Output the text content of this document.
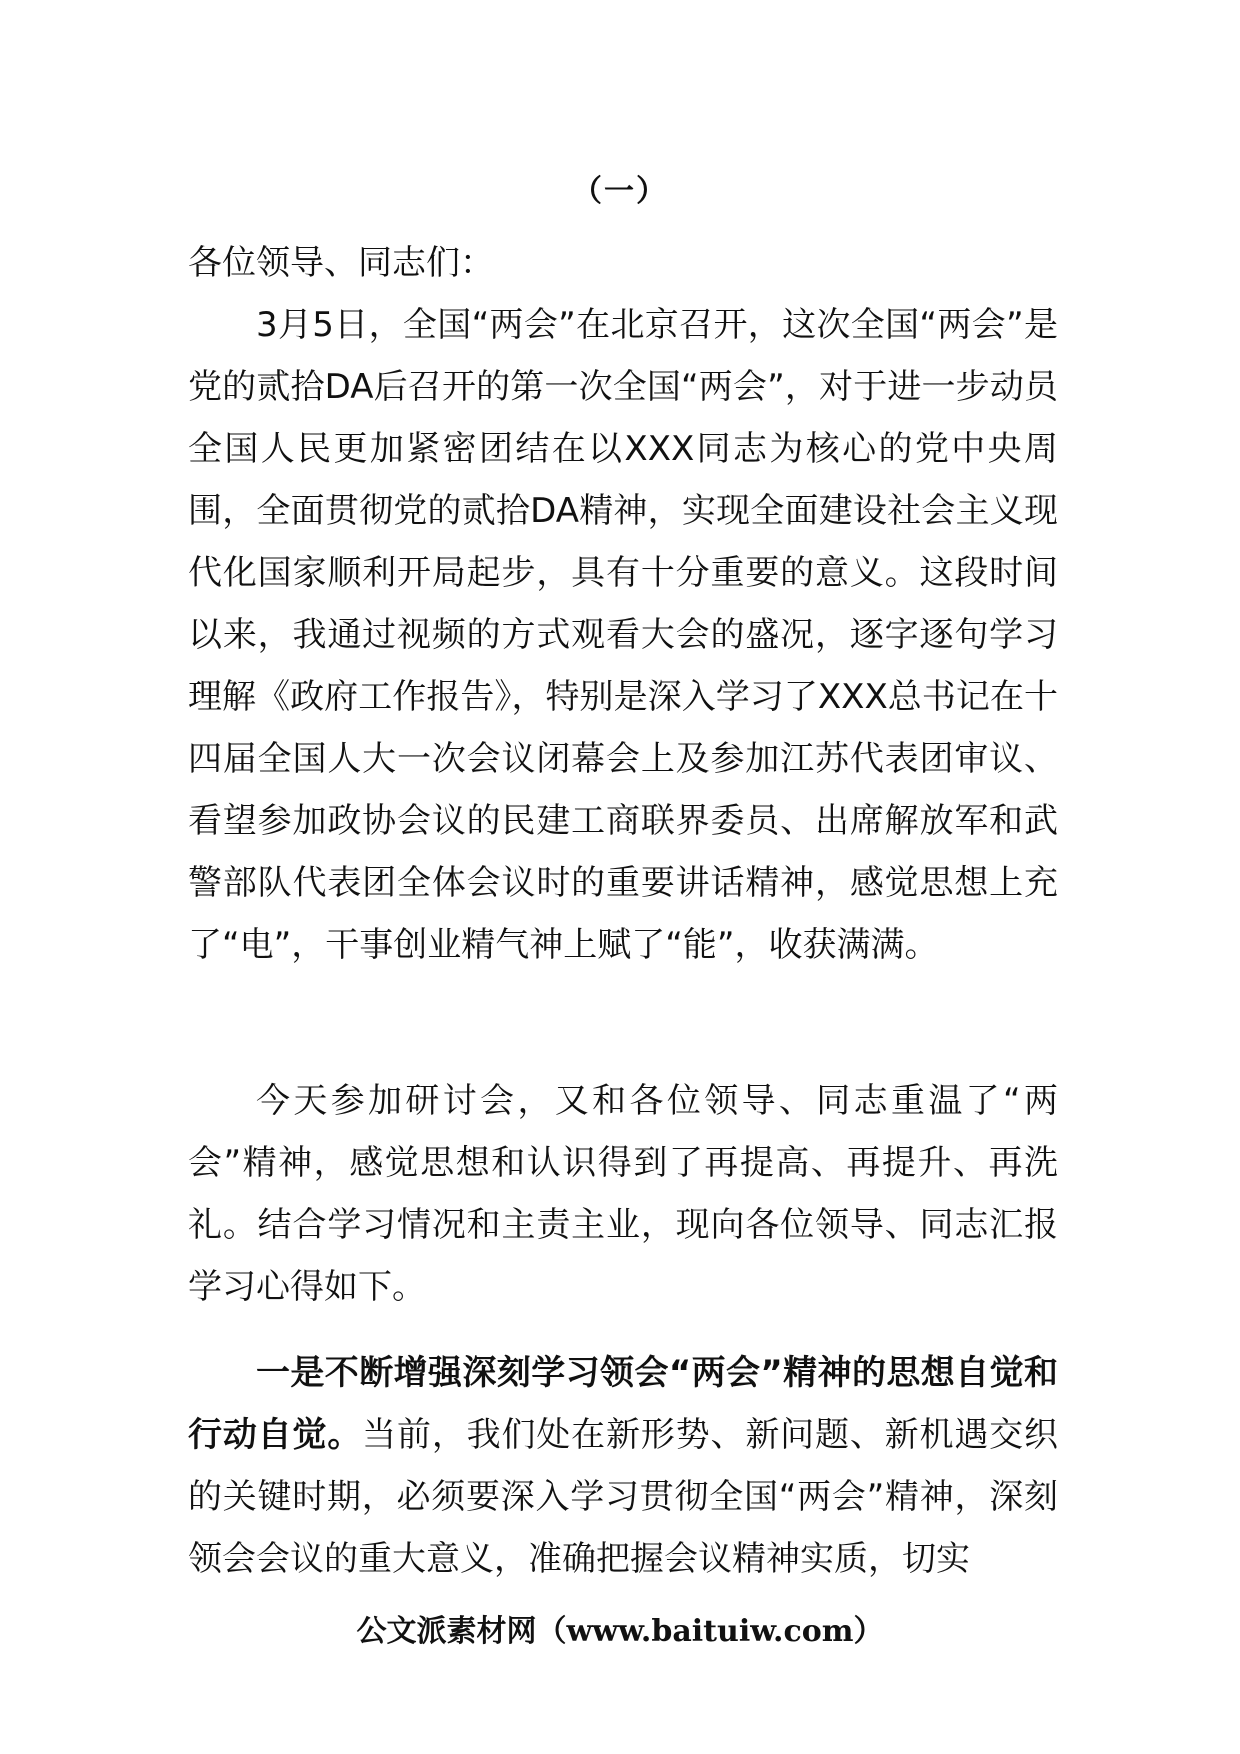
（一）
各位领导、同志们：
3月5日，全国“两会”在北京召开，这次全国“两会”是党的贰拾DA后召开的第一次全国“两会”，对于进一步动员全国人民更加紧密团结在以XXX同志为核心的党中央周围，全面贯彻党的贰拾DA精神，实现全面建设社会主义现代化国家顺利开局起步，具有十分重要的意义。这段时间以来，我通过视频的方式观看大会的盛况，逐字逐句学习理解《政府工作报告》，特别是深入学习了XXX总书记在十四届全国人大一次会议闭幕会上及参加江苏代表团审议、看望参加政协会议的民建工商联界委员、出席解放军和武警部队代表团全体会议时的重要讲话精神，感觉思想上充了“电”，干事创业精气神上赋了“能”，收获满满。
今天参加研讨会，又和各位领导、同志重温了“两会”精神，感觉思想和认识得到了再提高、再提升、再洗礼。结合学习情况和主责主业，现向各位领导、同志汇报学习心得如下。
一是不断增强深刻学习领会“两会”精神的思想自觉和行动自觉。当前，我们处在新形势、新问题、新机遇交织的关键时期，必须要深入学习贯彻全国“两会”精神，深刻领会会议的重大意义，准确把握会议精神实质，切实
公文派素材网（www.baituiw.com）
